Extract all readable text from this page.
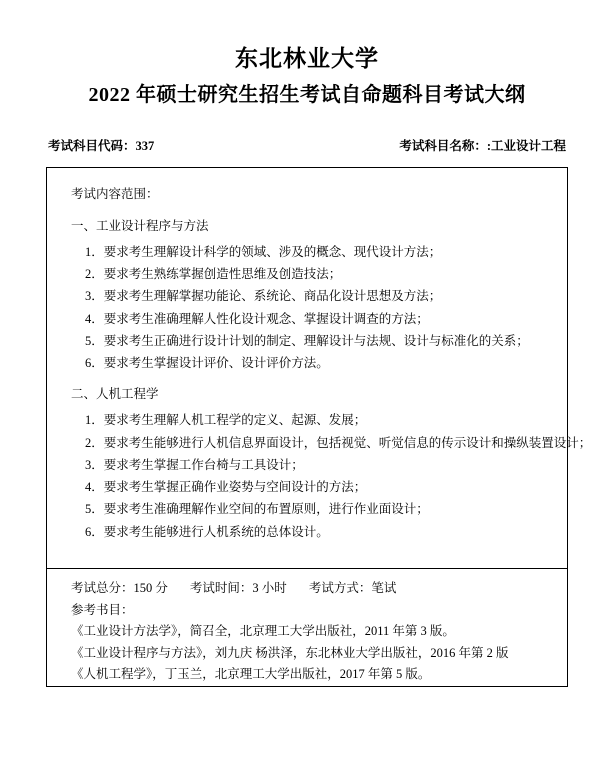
东北林业大学
2022 年硕士研究生招生考试自命题科目考试大纲
考试科目代码：337	考试科目名称：:工业设计工程
考试内容范围：
一、工业设计程序与方法
1．要求考生理解设计科学的领域、涉及的概念、现代设计方法；
2．要求考生熟练掌握创造性思维及创造技法；
3．要求考生理解掌握功能论、系统论、商品化设计思想及方法；
4．要求考生准确理解人性化设计观念、掌握设计调查的方法；
5．要求考生正确进行设计计划的制定、理解设计与法规、设计与标准化的关系；
6．要求考生掌握设计评价、设计评价方法。
二、人机工程学
1．要求考生理解人机工程学的定义、起源、发展；
2．要求考生能够进行人机信息界面设计，包括视觉、听觉信息的传示设计和操纵装置设计；
3．要求考生掌握工作台椅与工具设计；
4．要求考生掌握正确作业姿势与空间设计的方法；
5．要求考生准确理解作业空间的布置原则，进行作业面设计；
6．要求考生能够进行人机系统的总体设计。
考试总分：150 分 考试时间：3 小时 考试方式：笔试
参考书目：
《工业设计方法学》，简召全，北京理工大学出版社，2011 年第 3 版。
《工业设计程序与方法》，刘九庆 杨洪泽，东北林业大学出版社，2016 年第 2 版
《人机工程学》，丁玉兰，北京理工大学出版社，2017 年第 5 版。
